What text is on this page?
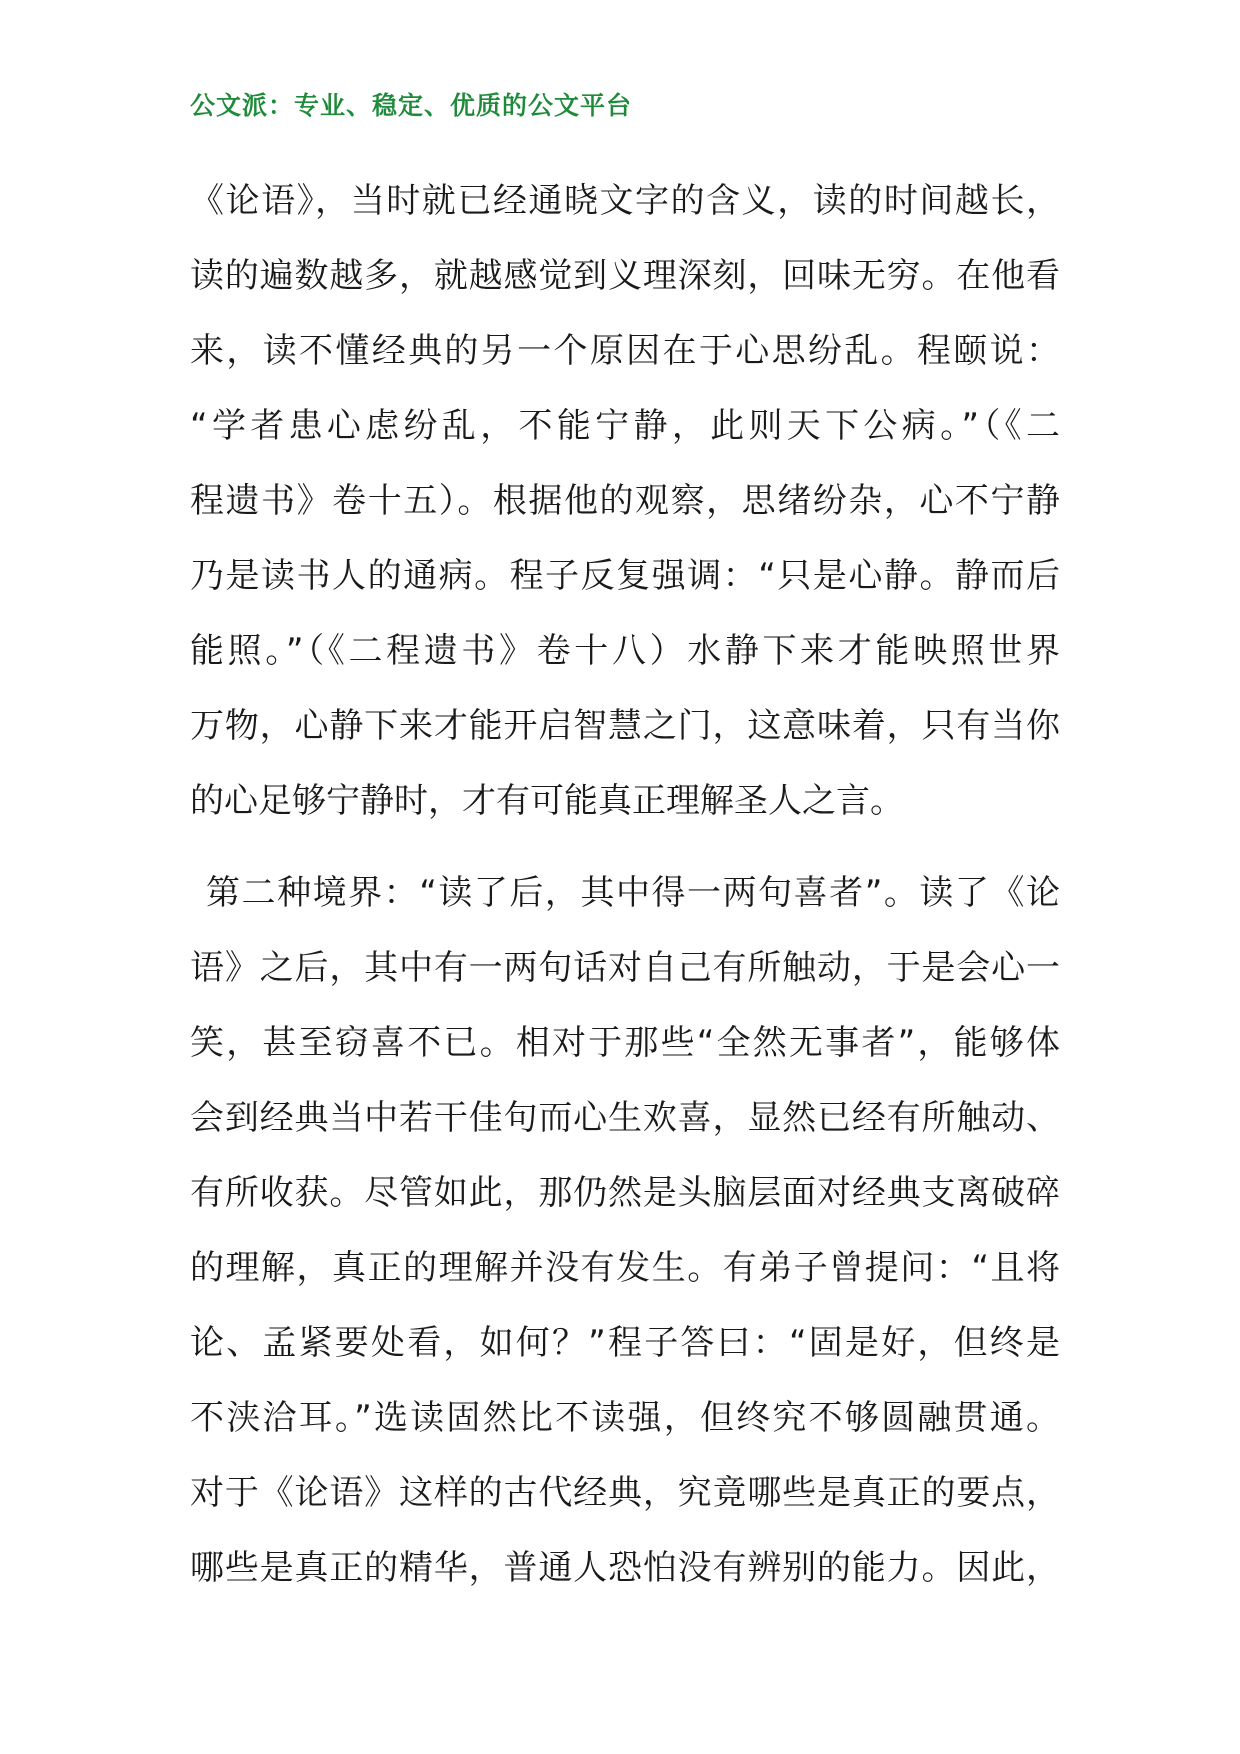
公文派：专业、稳定、优质的公文平台
《论语》，当时就已经通晓文字的含义，读的时间越长，
读的遍数越多，就越感觉到义理深刻，回味无穷。在他看
来，读不懂经典的另一个原因在于心思纷乱。程颐说：
“学者患心虑纷乱，不能宁静，此则天下公病。”（《二
程遗书》卷十五）。根据他的观察，思绪纷杂，心不宁静
乃是读书人的通病。程子反复强调：“只是心静。静而后
能照。”（《二程遗书》卷十八）水静下来才能映照世界
万物，心静下来才能开启智慧之门，这意味着，只有当你
的心足够宁静时，才有可能真正理解圣人之言。
第二种境界：“读了后，其中得一两句喜者”。读了《论
语》之后，其中有一两句话对自己有所触动，于是会心一
笑，甚至窃喜不已。相对于那些“全然无事者”，能够体
会到经典当中若干佳句而心生欢喜，显然已经有所触动、
有所收获。尽管如此，那仍然是头脑层面对经典支离破碎
的理解，真正的理解并没有发生。有弟子曾提问：“且将
论、孟紧要处看，如何？”程子答曰：“固是好，但终是
不浃洽耳。”选读固然比不读强，但终究不够圆融贯通。
对于《论语》这样的古代经典，究竟哪些是真正的要点，
哪些是真正的精华，普通人恐怕没有辨别的能力。因此，
